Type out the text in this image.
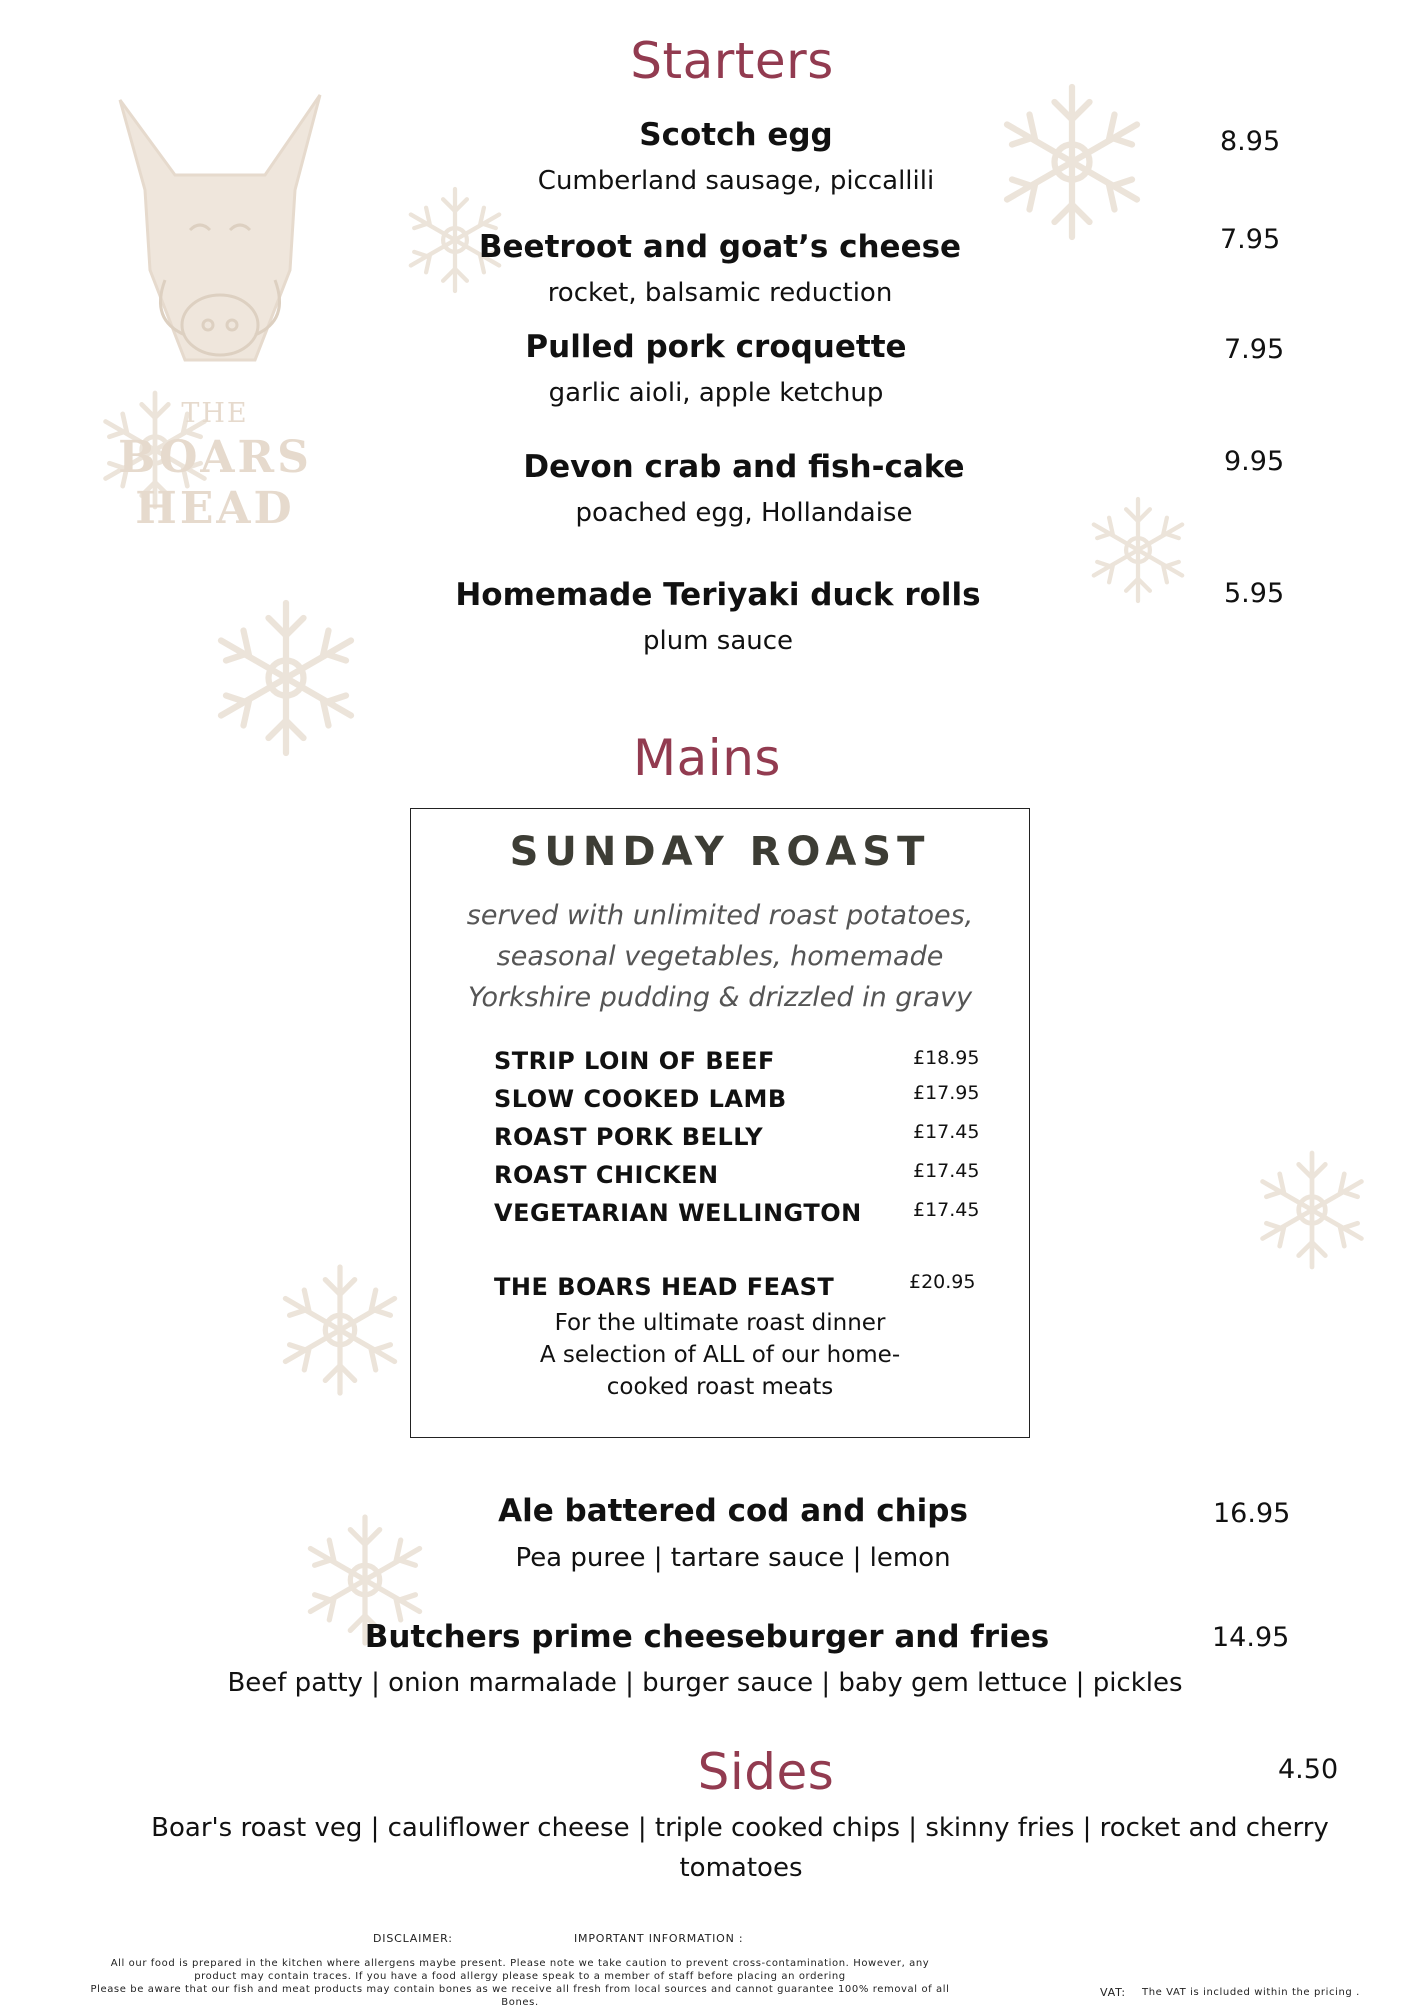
THE
BOARS HEAD
Starters
Scotch egg
Cumberland sausage, piccallili
8.95
Beetroot and goat’s cheese
rocket, balsamic reduction
7.95
Pulled pork croquette
garlic aioli, apple ketchup
7.95
Devon crab and fish-cake
poached egg, Hollandaise
9.95
Homemade Teriyaki duck rolls
plum sauce
5.95
Mains
SUNDAY ROAST
served with unlimited roast potatoes,
seasonal vegetables, homemade
Yorkshire pudding & drizzled in gravy
STRIP LOIN OF BEEF	£18.95
SLOW COOKED LAMB	£17.95
ROAST PORK BELLY	£17.45
ROAST CHICKEN	£17.45
VEGETARIAN WELLINGTON	£17.45
THE BOARS HEAD FEAST	£20.95
For the ultimate roast dinner
A selection of ALL of our home-
cooked roast meats
Ale battered cod and chips
Pea puree | tartare sauce | lemon
16.95
Butchers prime cheeseburger and fries
Beef patty | onion marmalade | burger sauce | baby gem lettuce | pickles
14.95
Sides	4.50
Boar's roast veg | cauliflower cheese | triple cooked chips | skinny fries | rocket and cherry
tomatoes
DISCLAIMER:	IMPORTANT INFORMATION :
All our food is prepared in the kitchen where allergens maybe present. Please note we take caution to prevent cross-contamination. However, any
product may contain traces. If you have a food allergy please speak to a member of staff before placing an ordering
Please be aware that our fish and meat products may contain bones as we receive all fresh from local sources and cannot guarantee 100% removal of all
Bones.
VAT: The VAT is included within the pricing .
